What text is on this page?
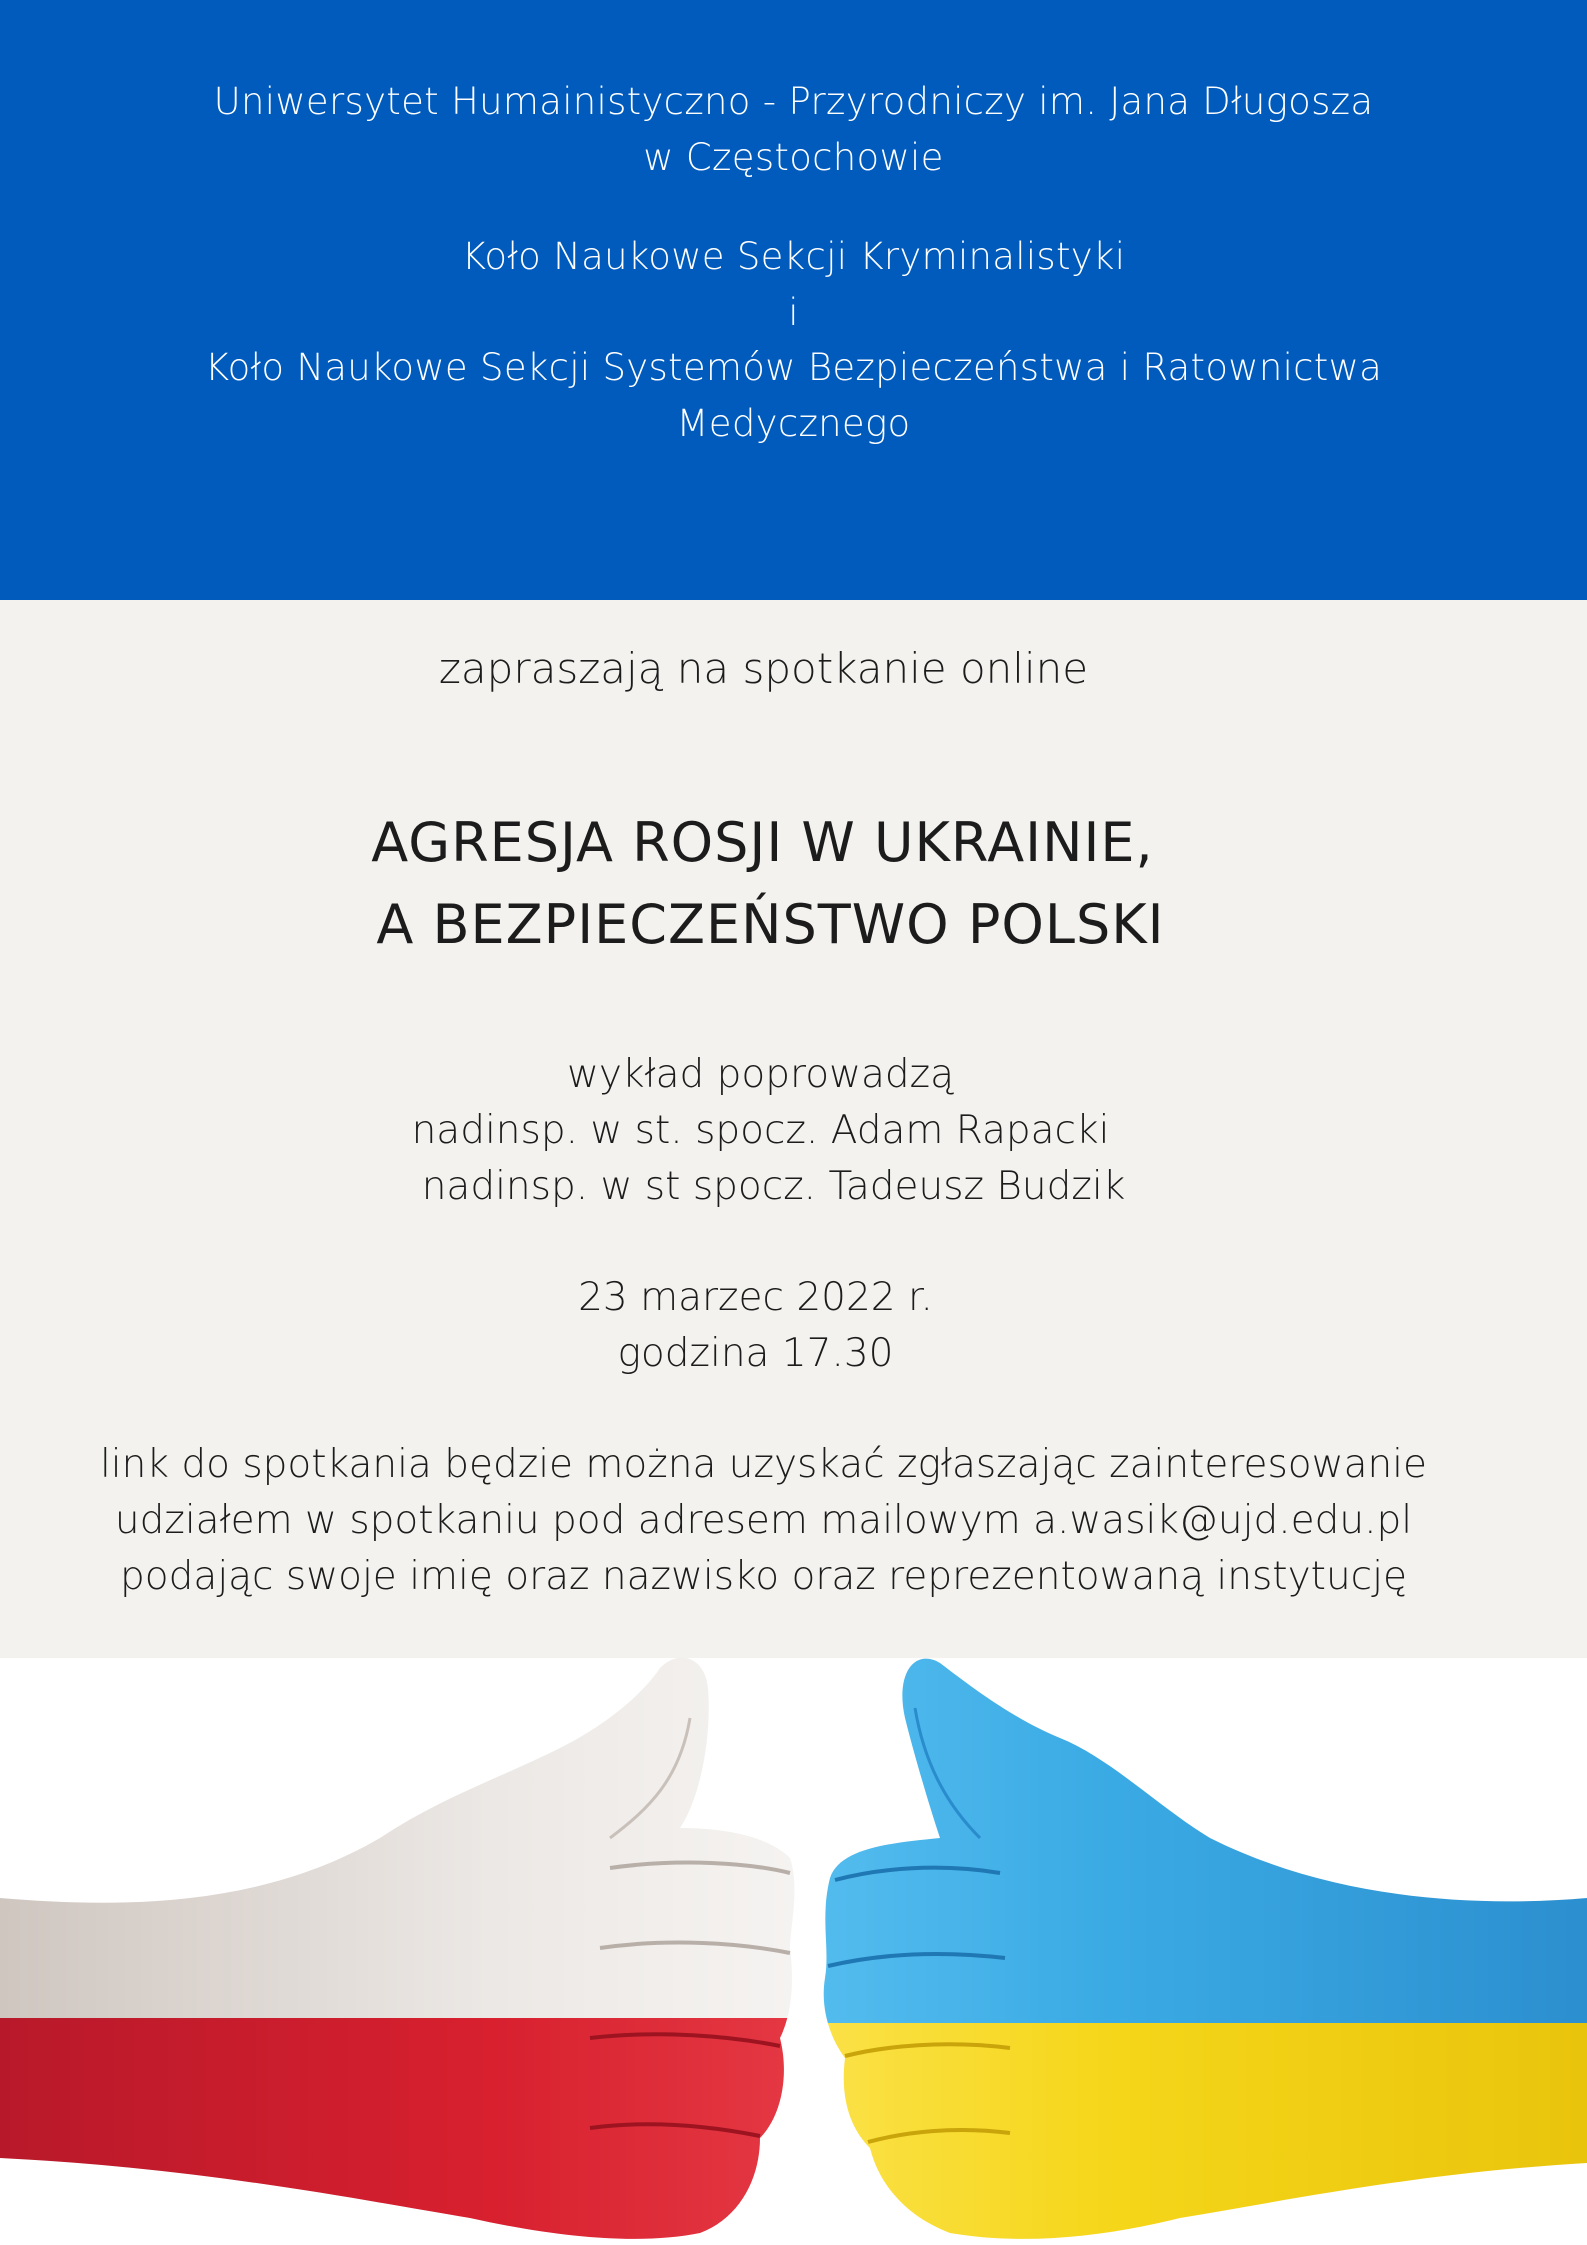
Uniwersytet Humainistyczno - Przyrodniczy im. Jana Długosza
w Częstochowie
Koło Naukowe Sekcji Kryminalistyki
i
Koło Naukowe Sekcji Systemów Bezpieczeństwa i Ratownictwa
Medycznego
zapraszają na spotkanie online
AGRESJA ROSJI W UKRAINIE,
A BEZPIECZEŃSTWO POLSKI
wykład poprowadzą
nadinsp. w st. spocz. Adam Rapacki
nadinsp. w st spocz. Tadeusz Budzik
23 marzec 2022 r.
godzina 17.30
link do spotkania będzie można uzyskać zgłaszając zainteresowanie
udziałem w spotkaniu pod adresem mailowym a.wasik@ujd.edu.pl
podając swoje imię oraz nazwisko oraz reprezentowaną instytucję
